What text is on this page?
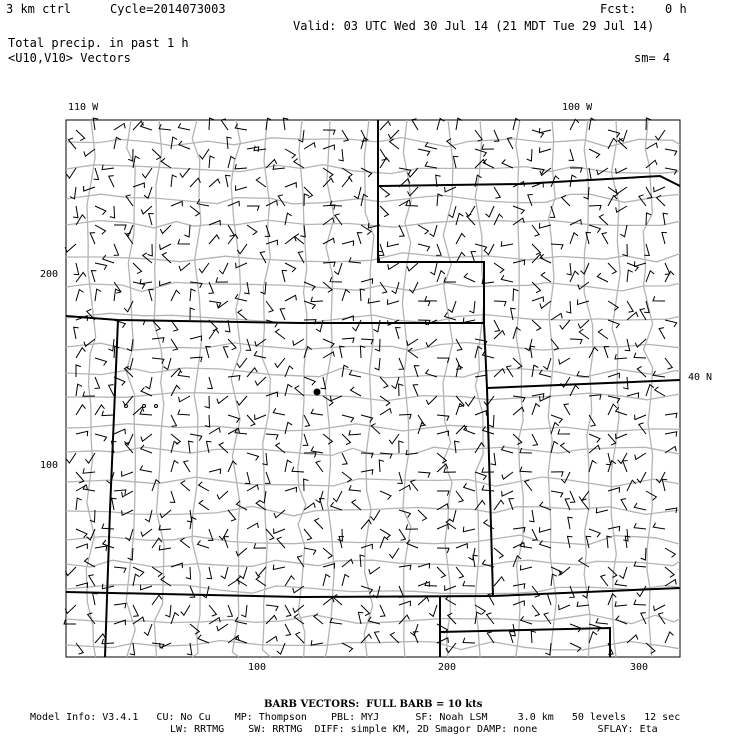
3 km ctrl	Cycle=2014073003	Fcst:    0 h
Valid: 03 UTC Wed 30 Jul 14 (21 MDT Tue 29 Jul 14)
Total precip. in past 1 h
<U10,V10> Vectors	sm= 4
110 W	100 W
40 N
200
100
100	200	300
BARB VECTORS:  FULL BARB = 10 kts
Model Info: V3.4.1   CU: No Cu    MP: Thompson    PBL: MYJ      SF: Noah LSM     3.0 km   50 levels   12 sec
LW: RRTMG    SW: RRTMG  DIFF: simple KM, 2D Smagor DAMP: none          SFLAY: Eta
